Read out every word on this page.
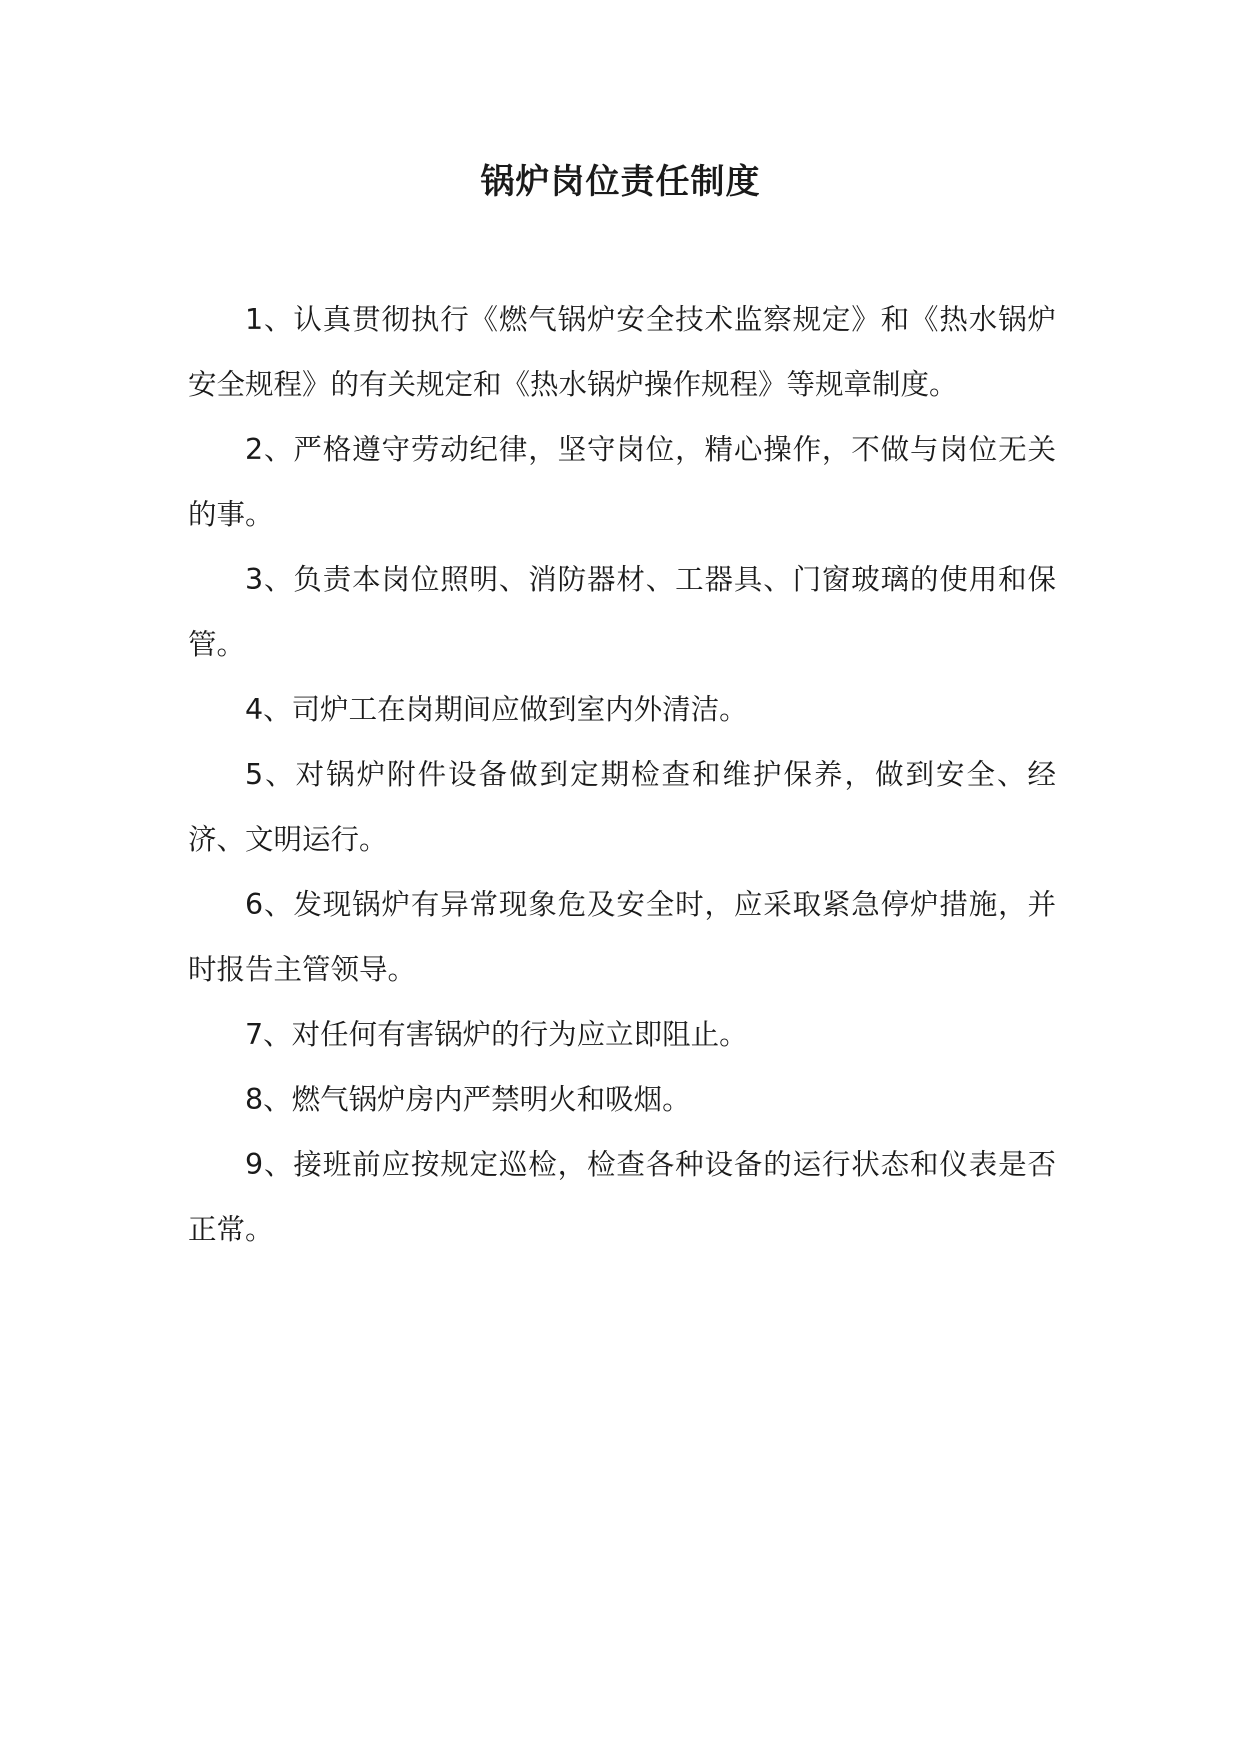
锅炉岗位责任制度

1、认真贯彻执行《燃气锅炉安全技术监察规定》和《热水锅炉安全规程》的有关规定和《热水锅炉操作规程》等规章制度。

2、严格遵守劳动纪律，坚守岗位，精心操作，不做与岗位无关的事。

3、负责本岗位照明、消防器材、工器具、门窗玻璃的使用和保管。

4、司炉工在岗期间应做到室内外清洁。

5、对锅炉附件设备做到定期检查和维护保养，做到安全、经济、文明运行。

6、发现锅炉有异常现象危及安全时，应采取紧急停炉措施，并时报告主管领导。

7、对任何有害锅炉的行为应立即阻止。

8、燃气锅炉房内严禁明火和吸烟。

9、接班前应按规定巡检，检查各种设备的运行状态和仪表是否正常。
